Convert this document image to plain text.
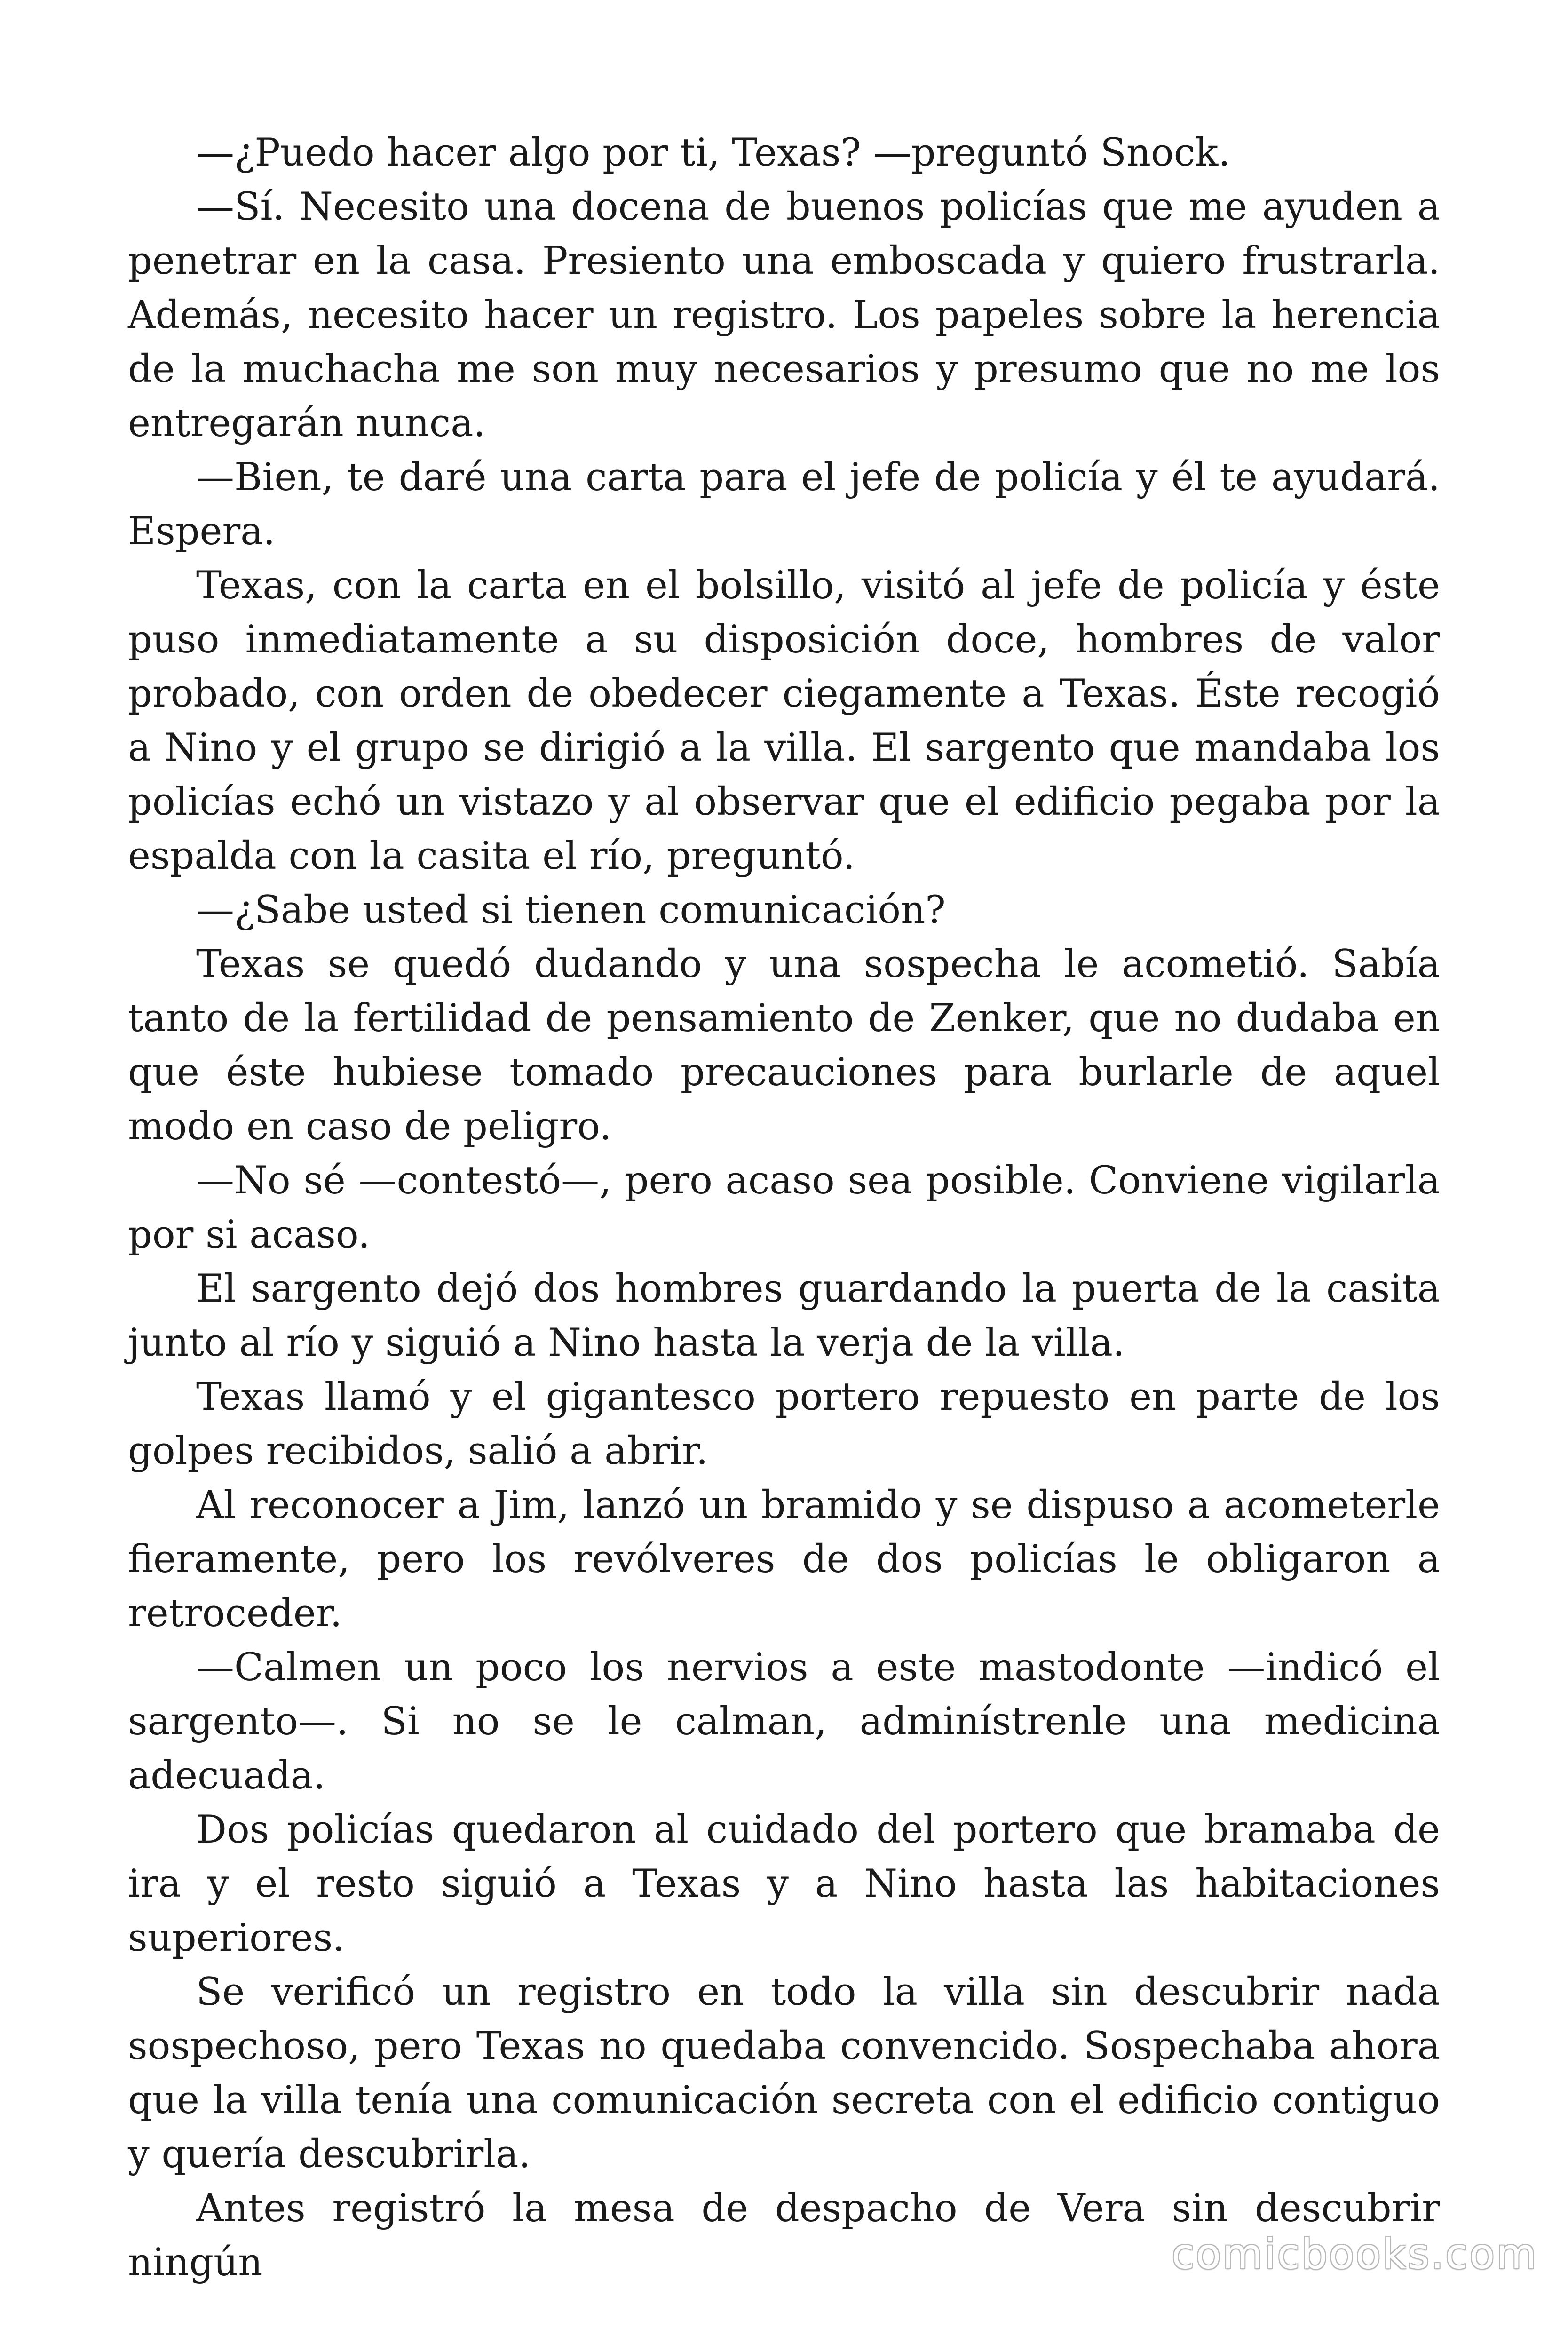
—¿Puedo hacer algo por ti, Texas? —preguntó Snock.

—Sí. Necesito una docena de buenos policías que me ayuden a penetrar en la casa. Presiento una emboscada y quiero frustrarla. Además, necesito hacer un registro. Los papeles sobre la herencia de la muchacha me son muy necesarios y presumo que no me los entregarán nunca.

—Bien, te daré una carta para el jefe de policía y él te ayudará. Espera.

Texas, con la carta en el bolsillo, visitó al jefe de policía y éste puso inmediatamente a su disposición doce, hombres de valor probado, con orden de obedecer ciegamente a Texas. Éste recogió a Nino y el grupo se dirigió a la villa. El sargento que mandaba los policías echó un vistazo y al observar que el edificio pegaba por la espalda con la casita el río, preguntó.

—¿Sabe usted si tienen comunicación?

Texas se quedó dudando y una sospecha le acometió. Sabía tanto de la fertilidad de pensamiento de Zenker, que no dudaba en que éste hubiese tomado precauciones para burlarle de aquel modo en caso de peligro.

—No sé —contestó—, pero acaso sea posible. Conviene vigilarla por si acaso.

El sargento dejó dos hombres guardando la puerta de la casita junto al río y siguió a Nino hasta la verja de la villa.

Texas llamó y el gigantesco portero repuesto en parte de los golpes recibidos, salió a abrir.

Al reconocer a Jim, lanzó un bramido y se dispuso a acometerle fieramente, pero los revólveres de dos policías le obligaron a retroceder.

—Calmen un poco los nervios a este mastodonte —indicó el sargento—. Si no se le calman, adminístrenle una medicina adecuada.

Dos policías quedaron al cuidado del portero que bramaba de ira y el resto siguió a Texas y a Nino hasta las habitaciones superiores.

Se verificó un registro en todo la villa sin descubrir nada sospechoso, pero Texas no quedaba convencido. Sospechaba ahora que la villa tenía una comunicación secreta con el edificio contiguo y quería descubrirla.

Antes registró la mesa de despacho de Vera sin descubrir ningún	comicbooks.com
